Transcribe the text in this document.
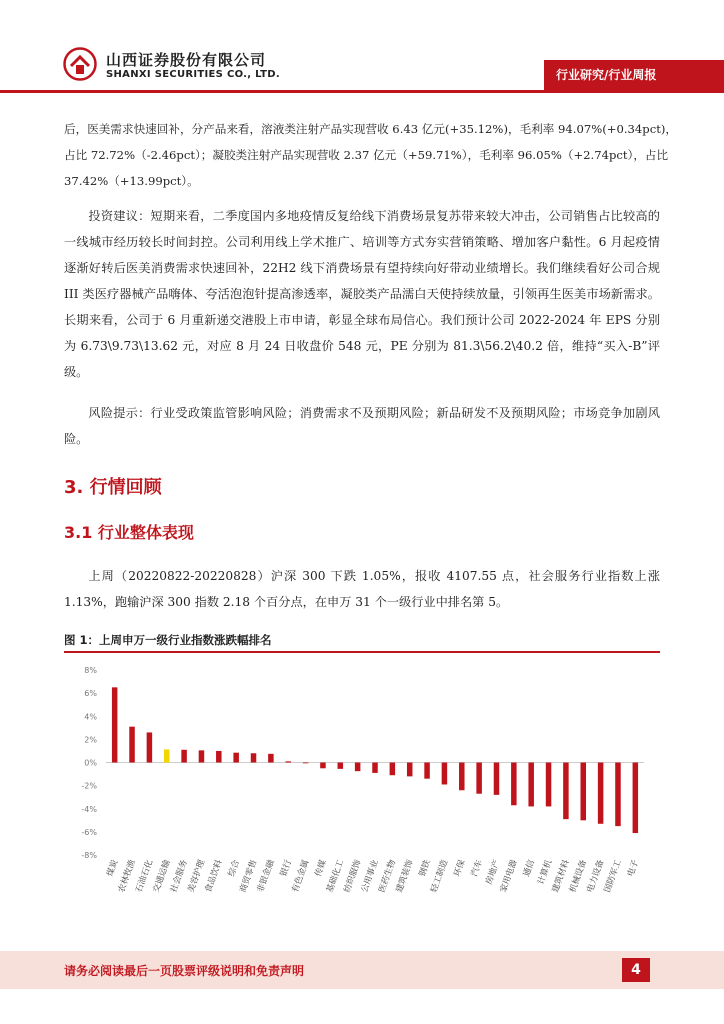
山西证券股份有限公司
SHANXI SECURITIES CO., LTD.	行业研究/行业周报
后，医美需求快速回补，分产品来看，溶液类注射产品实现营收 6.43 亿元(+35.12%)，毛利率 94.07%(+0.34pct)，
占比 72.72%（-2.46pct）；凝胶类注射产品实现营收 2.37 亿元（+59.71%），毛利率 96.05%（+2.74pct），占比
37.42%（+13.99pct）。
投资建议：短期来看，二季度国内多地疫情反复给线下消费场景复苏带来较大冲击，公司销售占比较高的一线城市经历较长时间封控。公司利用线上学术推广、培训等方式夯实营销策略、增加客户黏性。6 月起疫情逐渐好转后医美消费需求快速回补，22H2 线下消费场景有望持续向好带动业绩增长。我们继续看好公司合规 III 类医疗器械产品嗨体、夸活泡泡针提高渗透率，凝胶类产品濡白天使持续放量，引领再生医美市场新需求。长期来看，公司于 6 月重新递交港股上市申请，彰显全球布局信心。我们预计公司 2022-2024 年 EPS 分别为 6.73\9.73\13.62 元，对应 8 月 24 日收盘价 548 元，PE 分别为 81.3\56.2\40.2 倍，维持“买入-B”评级。
风险提示：行业受政策监管影响风险；消费需求不及预期风险；新品研发不及预期风险；市场竞争加剧风险。
3. 行情回顾
3.1 行业整体表现
上周（20220822-20220828）沪深 300 下跌 1.05%，报收 4107.55 点，社会服务行业指数上涨 1.13%，跑输沪深 300 指数 2.18 个百分点，在申万 31 个一级行业中排名第 5。
图 1：上周申万一级行业指数涨跌幅排名
8%
6%
4%
2%
0%
-2%
-4%
-6%
-8%
煤炭
农林牧渔
石油石化
交通运输
社会服务
美容护理
食品饮料 综合
商贸零售
非银金融 银行
有色金属 传媒
基础化工
纺织服饰
公用事业
医药生物
建筑装饰 钢铁
轻工制造 环保 汽车 房地产
家用电器 通信 计算机
建筑材料
机械设备
电力设备
国防军工 电子
请务必阅读最后一页股票评级说明和免责声明	4
